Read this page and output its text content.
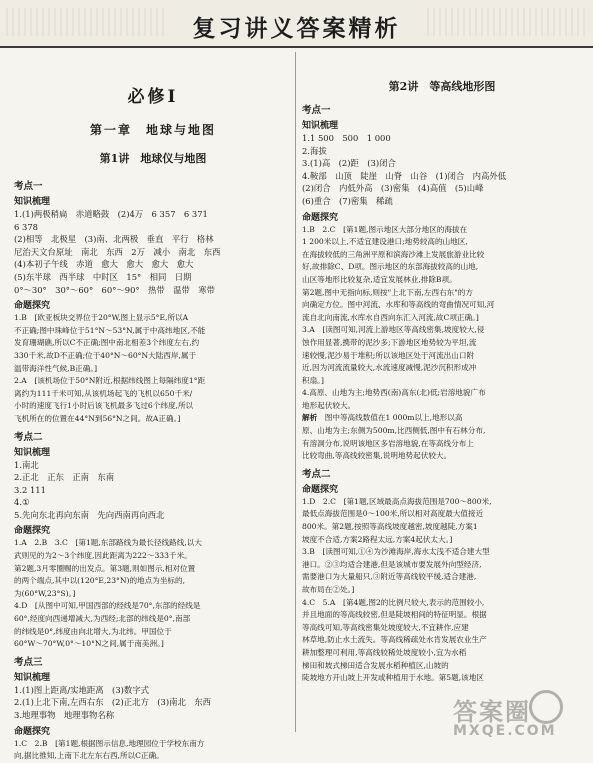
复习讲义答案精析
必修Ⅰ
第一章　地球与地图
第1讲　地球仪与地图
考点一
知识梳理

1.(1)两极稍扁　赤道略鼓　(2)4万　6 357　6 371

6 378

(2)相等　北极星　(3)南、北两极　垂直　平行　格林

尼治天文台原址　南北　东西　2万　减小　南北　东西

(4)本初子午线　赤道　愈大　愈大　愈大　愈大

(5)东半球　西半球　中时区　15°　相同　日期

0°～30°　30°～60°　60°～90°　热带　温带　寒带

命题探究

1.B　[欧亚板块交界位于20°W,图上显示5°E,所以A

不正确;图中珠峰位于51°N～53°N,属于中高纬地区,不能

发育珊瑚礁,所以C不正确;图中南北相差3个纬度左右,约

330千米,故D不正确;位于40°N～60°N大陆西岸,属于

温带海洋性气候,B正确。]

2.A　[该机场位于50°N附近,根据纬线图上每隔纬度1°距

离约为111千米可知,从该机场起飞的飞机以650千米/

小时的速度飞行1小时后该飞机最多飞过6个纬度,所以

飞机所在的位置在44°N到56°N之间。故A正确。]

考点二
知识梳理

1.南北

2.正北　正东　正南　东南

3.2 111

4.①

5.先向东北再向东南　先向西南再向西北

命题探究

1.A　2.B　3.C　[第1题,东部路线为最长径线路线,以大

武则见的为2～3个纬度,因此距离为222～333千米。

第2题,3月零圈赐的出发点。第3题,则如图示,相对位置

的两个端点,其中以(120°E,23°N)的地点为坐标的,

为(60°W,23°S)。]

4.D　[从图中可知,甲国西部的经线是70°,东部的经线是

60°,经度向西递增减大,为西经;北部的纬线是0°,南部

的纬线是0°,纬度由向北增大,为北纬。甲国位于

60°W～70°W,0°～10°N之间,属于南美洲。]

考点三
知识梳理

1.(1)图上距离/实地距离　(3)数字式

2.(1)上北下南,左西右东　(2)正北方　(3)南北　东西

3.地理事物　地理事物名称

命题探究

1.C　2.B　[第1题,根据图示信息,地理园位于学校东南方

向,据比推知,上南下北左东右西,所以C正确。

第2讲　等高线地形图
考点一
知识梳理

1.1 500　500　1 000

2.海拔

3.(1)高　(2)距　(3)闭合

4.鞍部　山顶　陡崖　山脊　山谷　(1)闭合　内高外低

(2)闭合　内低外高　(3)密集　(4)高值　(5)山峰

(6)重合　(7)密集　稀疏

命题探究

1.B　2.C　[第1题,图示地区大部分地区的海拔在

1 200米以上,不适宜建设港口;地势较高的山地区,

在海拔较低的三角洲平原和滨海沙滩上发展旅游业比较

好,故排除C、D项。图示地区的东部海拔较高的山地,

山区等地形比较复杂,适宜发展林业,排除B项。

第2题,图中无指向标,则按"上北下南,左西右东"的方

向确定方位。图中河流、水库和等高线的弯曲情况可知,河

流自北向南流,水库水自西向东汇入河流,故C项正确。]

3.A　[读图可知,河流上游地区等高线密集,坡度较大,侵

蚀作用显著,携带的泥沙多;下游地区地势较为平坦,流

速较慢,泥沙易于堆积;所以该地区处于河流出山口附

近,因为河流流量较大,水流速度减慢,泥沙沉积形成冲

积扇。]

4.高原、山地为主;地势西(南)高东(北)低;岩溶地貌广布

地形起伏较大。

解析　 图中等高线数值在1 000m以上,地形以高

原、山地为主;东侧为500m,比西侧低,图中有石林分布,

有溶洞分布,说明该地区多岩溶地貌,在等高线分布上

比较弯曲,等高线较密集,说明地势起伏较大。

考点二
命题探究

1.D　2.C　[第1题,区域最高点海拔范围是700～800米,

最低点海拔范围是0～100米,所以相对高度最大值接近

800米。第2题,按照等高线坡度越密,坡度越陡,方案1

坡度不合适,方案2路程太远,方案4起伏太大。]

3.B　[读图可知,①④为沙滩海岸,海水太浅不适合建大型

港口。②③均适合建港,但是该城市要发展外向型经济,

需要港口为大量船只,③附近等高线较平缓,适合建港,

故布局在②处。]

4.C　5.A　[第4题,图2的比例尺较大,表示的范围较小,

并且地面的等高线较密,但是陡坡相间的特征明显。根据

等高线可知,等高线密集处坡度较大,不宜耕作,应建

林草地,防止水土流失。等高线稀疏处水肯发展农业生产

耕加整理可利用,等高线较稀处坡度较小,宜为水稻

梯田和坡式梯田适合发展水稻种植区,山坡的

陡坡地方开山坡上开发或种植用于水地。第5题,该地区

答案圈
MXQE.COM
